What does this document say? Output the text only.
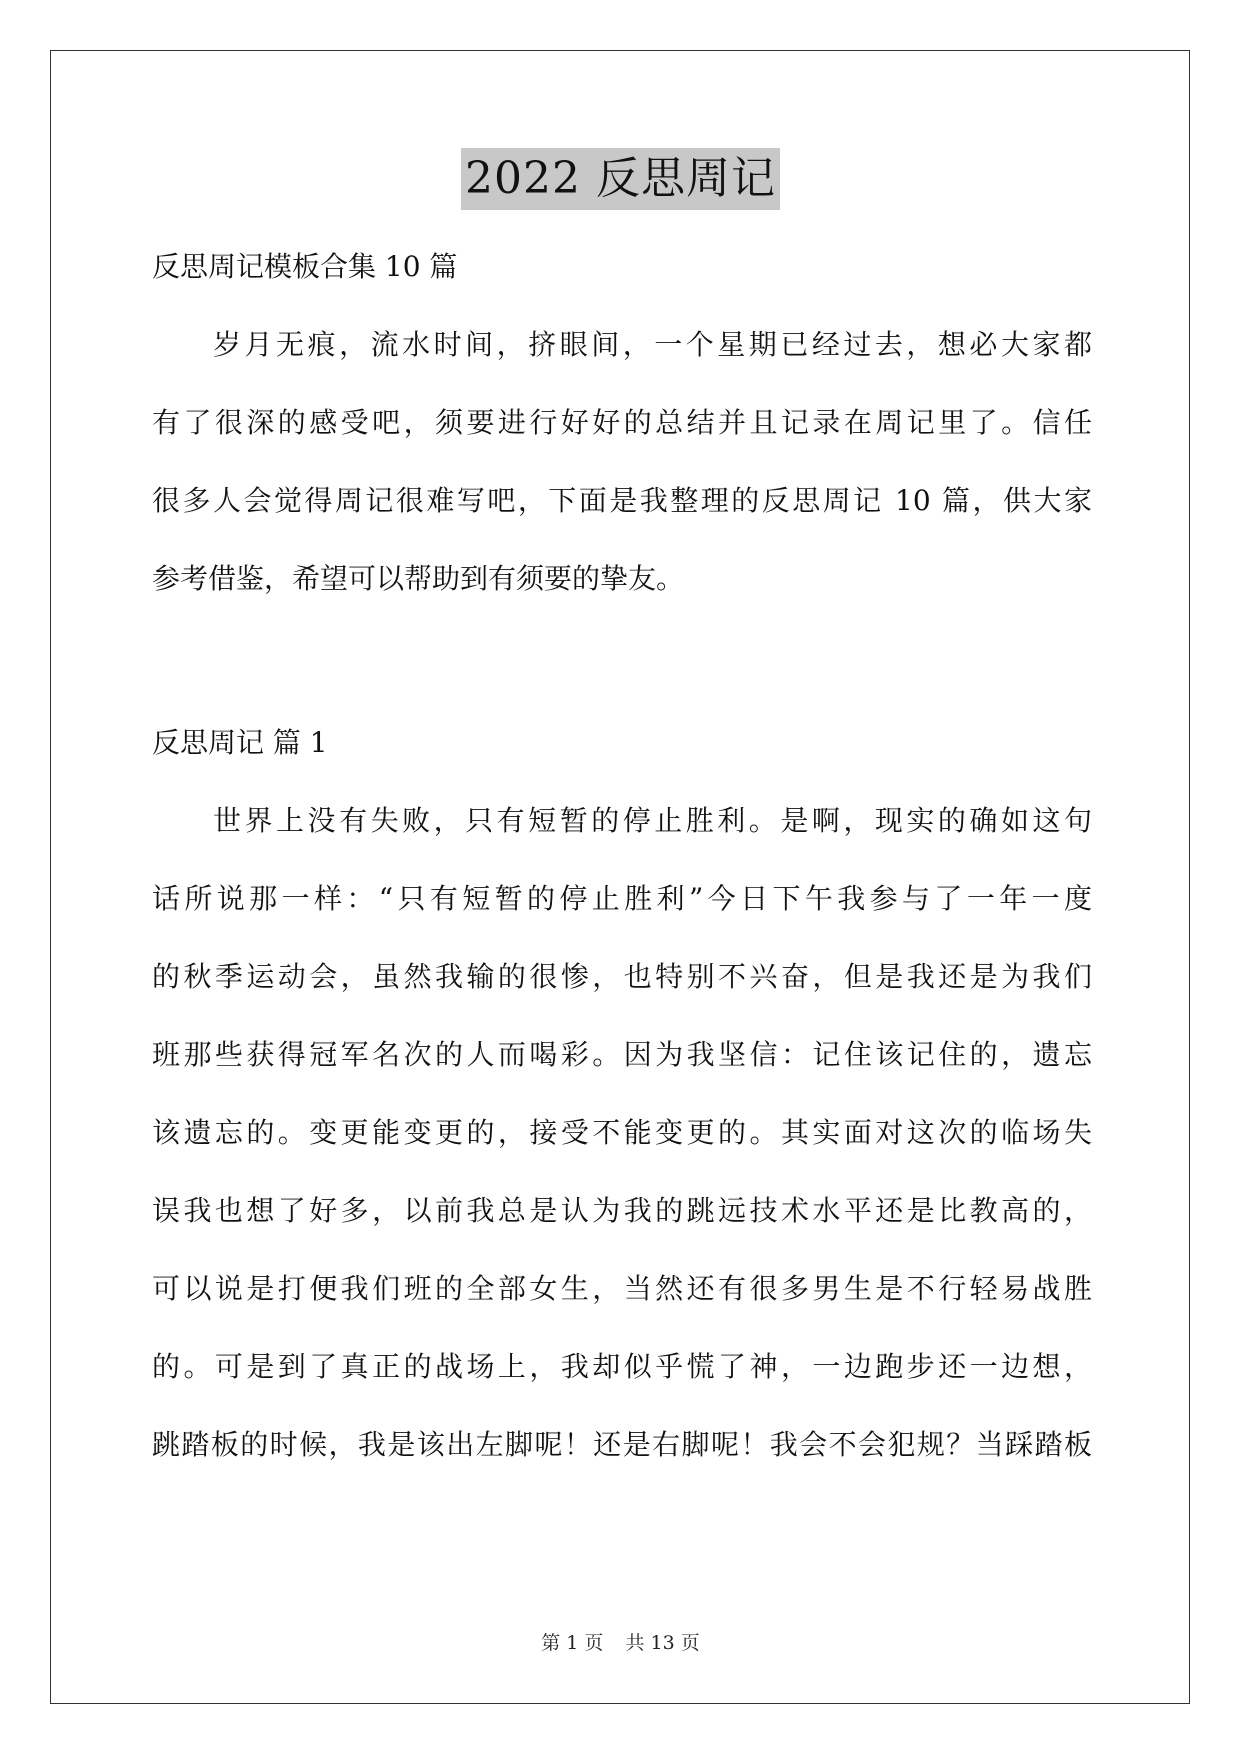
2022 反思周记
反思周记模板合集 10 篇
岁月无痕，流水时间，挤眼间，一个星期已经过去，想必大家都
有了很深的感受吧，须要进行好好的总结并且记录在周记里了。信任
很多人会觉得周记很难写吧，下面是我整理的反思周记 10 篇，供大家
参考借鉴，希望可以帮助到有须要的挚友。
反思周记 篇 1
世界上没有失败，只有短暂的停止胜利。是啊，现实的确如这句
话所说那一样：“只有短暂的停止胜利”今日下午我参与了一年一度
的秋季运动会，虽然我输的很惨，也特别不兴奋，但是我还是为我们
班那些获得冠军名次的人而喝彩。因为我坚信：记住该记住的，遗忘
该遗忘的。变更能变更的，接受不能变更的。其实面对这次的临场失
误我也想了好多，以前我总是认为我的跳远技术水平还是比教高的，
可以说是打便我们班的全部女生，当然还有很多男生是不行轻易战胜
的。可是到了真正的战场上，我却似乎慌了神，一边跑步还一边想，
跳踏板的时候，我是该出左脚呢！还是右脚呢！我会不会犯规？当踩踏板
第 1 页 共 13 页
